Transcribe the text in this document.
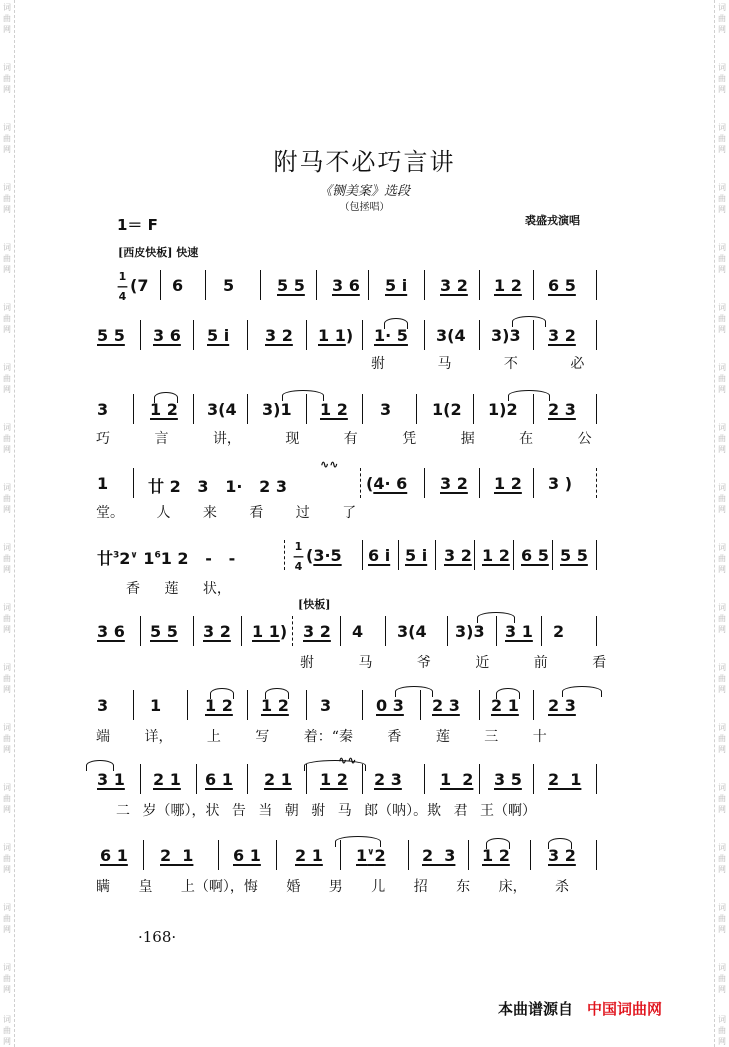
词曲网
词曲网
词曲网
词曲网
词曲网
词曲网
词曲网
词曲网
词曲网
词曲网
词曲网
词曲网
词曲网
词曲网
词曲网
词曲网
词曲网
词曲网
词曲网
词曲网
词曲网
词曲网
词曲网
词曲网
词曲网
词曲网
词曲网
词曲网
词曲网
词曲网
词曲网
词曲网
词曲网
词曲网
词曲网
词曲网
附马不必巧言讲
《铡美案》选段
（包拯唱）
1＝ F	裘盛戎演唱
[西皮快板] 快速
1
—
4
(7 6 5	5 5 3 6 5 i 3 2 1 2 6 5
5 5 3 6 5 i 3 2 1 1) 1· 5 3(4 3)3 3 2
驸 马 不 必
3	1 2 3(4 3)1 1 2 3	1(2 1)2 2 3
巧 言 讲， 现 有 凭 据 在 公
1 廿 2   3   1·   2 3
∿∿
(4· 6 3 2 1 2 3 )
堂。 人 来 看 过 了
廿$^3$2∨ $1^61$ 2   -   -
1
—
4
(3·5 6 i 5 i 3 2 1 2 6 5 5 5
香 莲 状，
[快板]
3 6 5 5 3 2 1 1) 3 2 4 3(4 3)3 3 1 2
驸 马 爷 近 前 看
3	1	1 2 1 2 3	0 3 2 3 2 1 2 3
端 详， 上 写 着：“秦 香 莲 三 十
3 1 2 1 6 1 2 1
∿∿
1 2 2 3 1  2 3 5 2  1
二 岁（哪），状 告 当 朝 驸 马 郎（呐）。欺 君 王（啊）
6 1 2  1 6 1 2 1 1∨2 2  3 1 2 3 2
瞒 皇 上（啊），悔 婚 男 儿 招 东 床， 杀
·168·
本曲谱源自 中国词曲网
